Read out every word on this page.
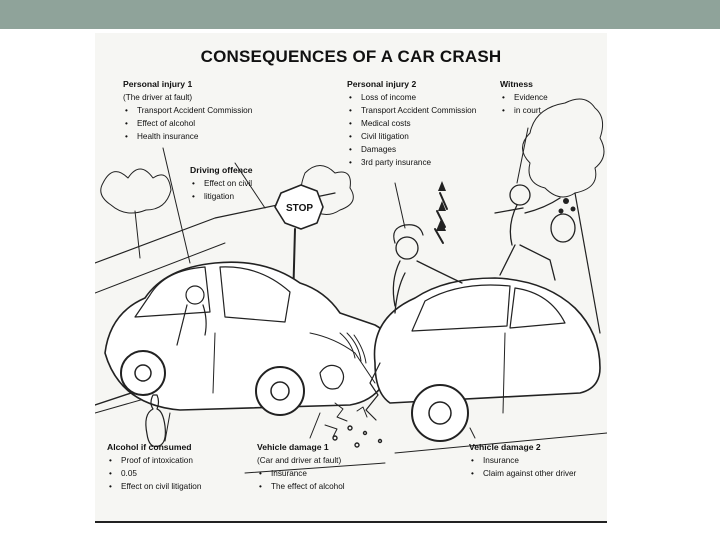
CONSEQUENCES OF A CAR CRASH
STOP
Personal injury 1
(The driver at fault)
• Transport Accident Commission
• Effect of alcohol
• Health insurance
Personal injury 2
• Loss of income
• Transport Accident Commission
• Medical costs
• Civil litigation
• Damages
• 3rd party insurance
Witness
• Evidence
• in court
Driving offence
• Effect on civil
• litigation
Alcohol if consumed
• Proof of intoxication
• 0.05
• Effect on civil litigation
Vehicle damage 1
(Car and driver at fault)
• Insurance
• The effect of alcohol
Vehicle damage 2
• Insurance
• Claim against other driver
